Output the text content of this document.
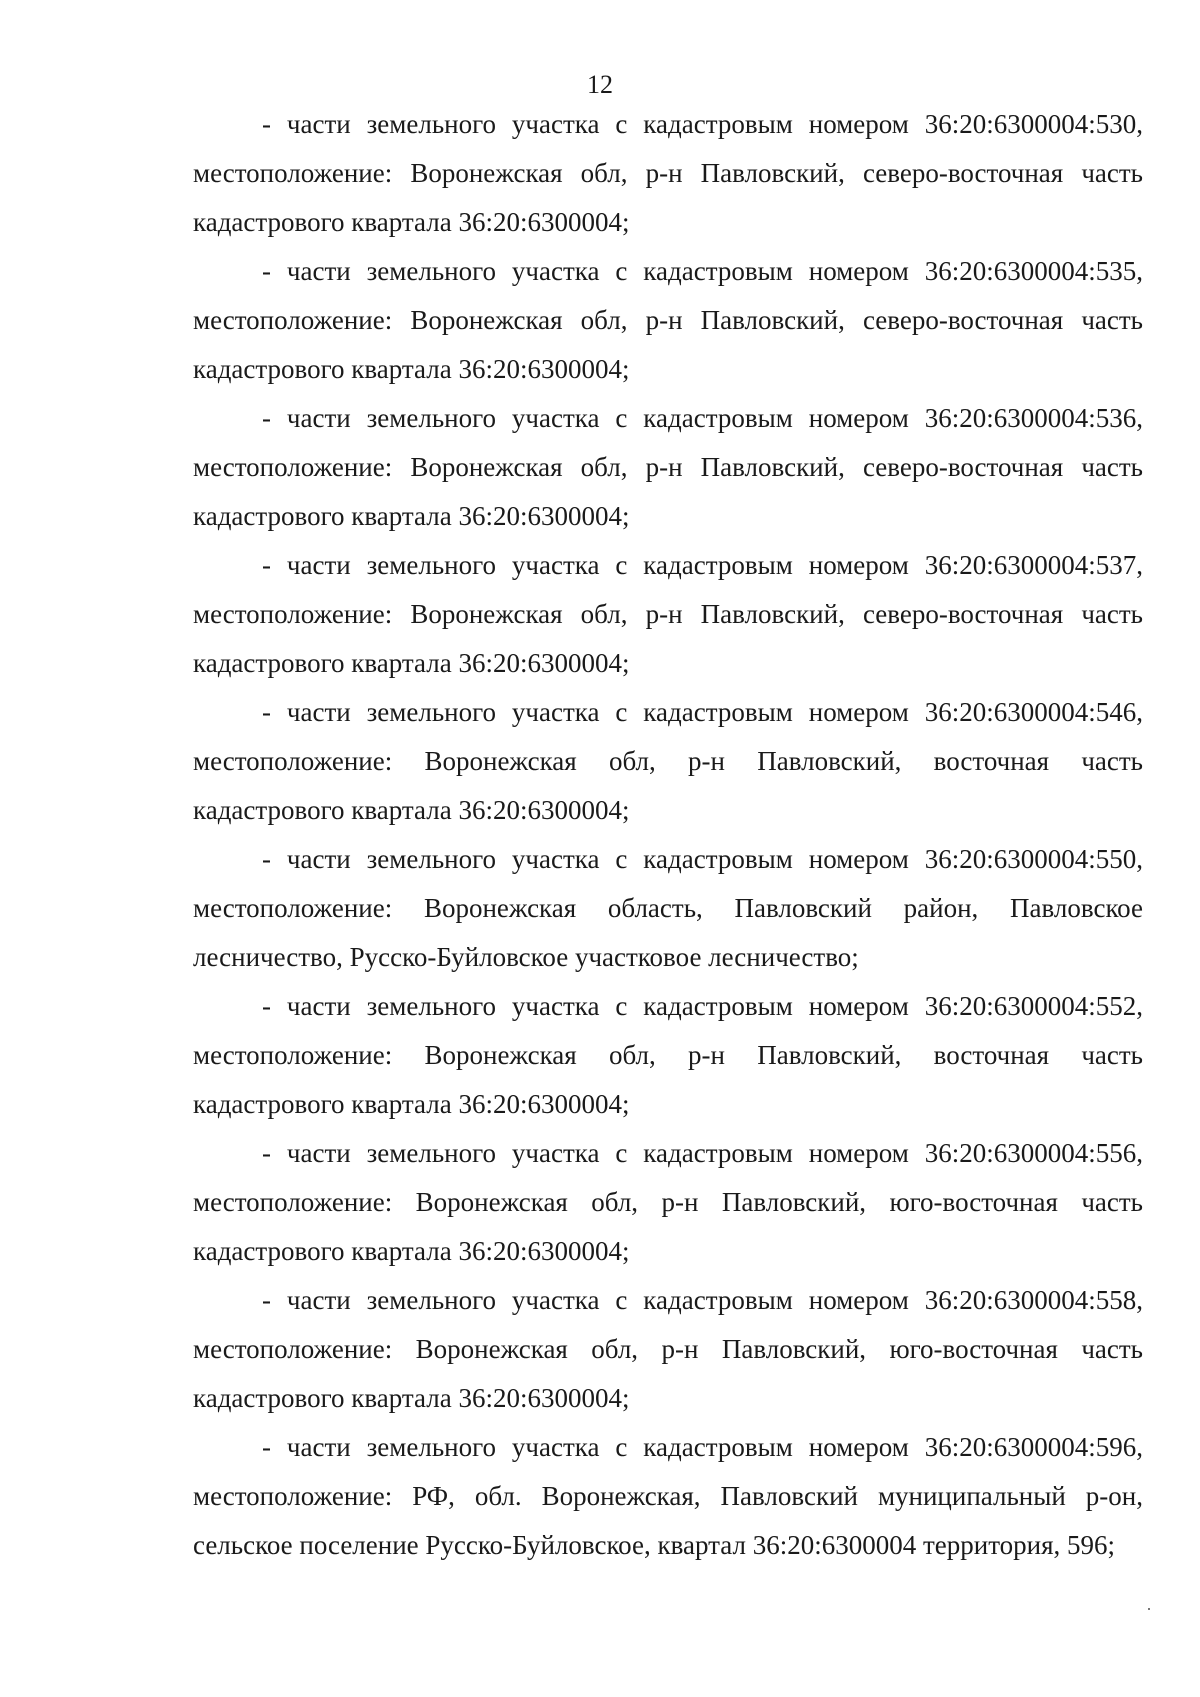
12

- части земельного участка с кадастровым номером 36:20:6300004:530, местоположение: Воронежская обл, р-н Павловский, северо-восточная часть кадастрового квартала 36:20:6300004;

- части земельного участка с кадастровым номером 36:20:6300004:535, местоположение: Воронежская обл, р-н Павловский, северо-восточная часть кадастрового квартала 36:20:6300004;

- части земельного участка с кадастровым номером 36:20:6300004:536, местоположение: Воронежская обл, р-н Павловский, северо-восточная часть кадастрового квартала 36:20:6300004;

- части земельного участка с кадастровым номером 36:20:6300004:537, местоположение: Воронежская обл, р-н Павловский, северо-восточная часть кадастрового квартала 36:20:6300004;

- части земельного участка с кадастровым номером 36:20:6300004:546, местоположение: Воронежская обл, р-н Павловский, восточная часть кадастрового квартала 36:20:6300004;

- части земельного участка с кадастровым номером 36:20:6300004:550, местоположение: Воронежская область, Павловский район, Павловское лесничество, Русско-Буйловское участковое лесничество;

- части земельного участка с кадастровым номером 36:20:6300004:552, местоположение: Воронежская обл, р-н Павловский, восточная часть кадастрового квартала 36:20:6300004;

- части земельного участка с кадастровым номером 36:20:6300004:556, местоположение: Воронежская обл, р-н Павловский, юго-восточная часть кадастрового квартала 36:20:6300004;

- части земельного участка с кадастровым номером 36:20:6300004:558, местоположение: Воронежская обл, р-н Павловский, юго-восточная часть кадастрового квартала 36:20:6300004;

- части земельного участка с кадастровым номером 36:20:6300004:596, местоположение: РФ, обл. Воронежская, Павловский муниципальный р-он, сельское поселение Русско-Буйловское, квартал 36:20:6300004 территория, 596;
